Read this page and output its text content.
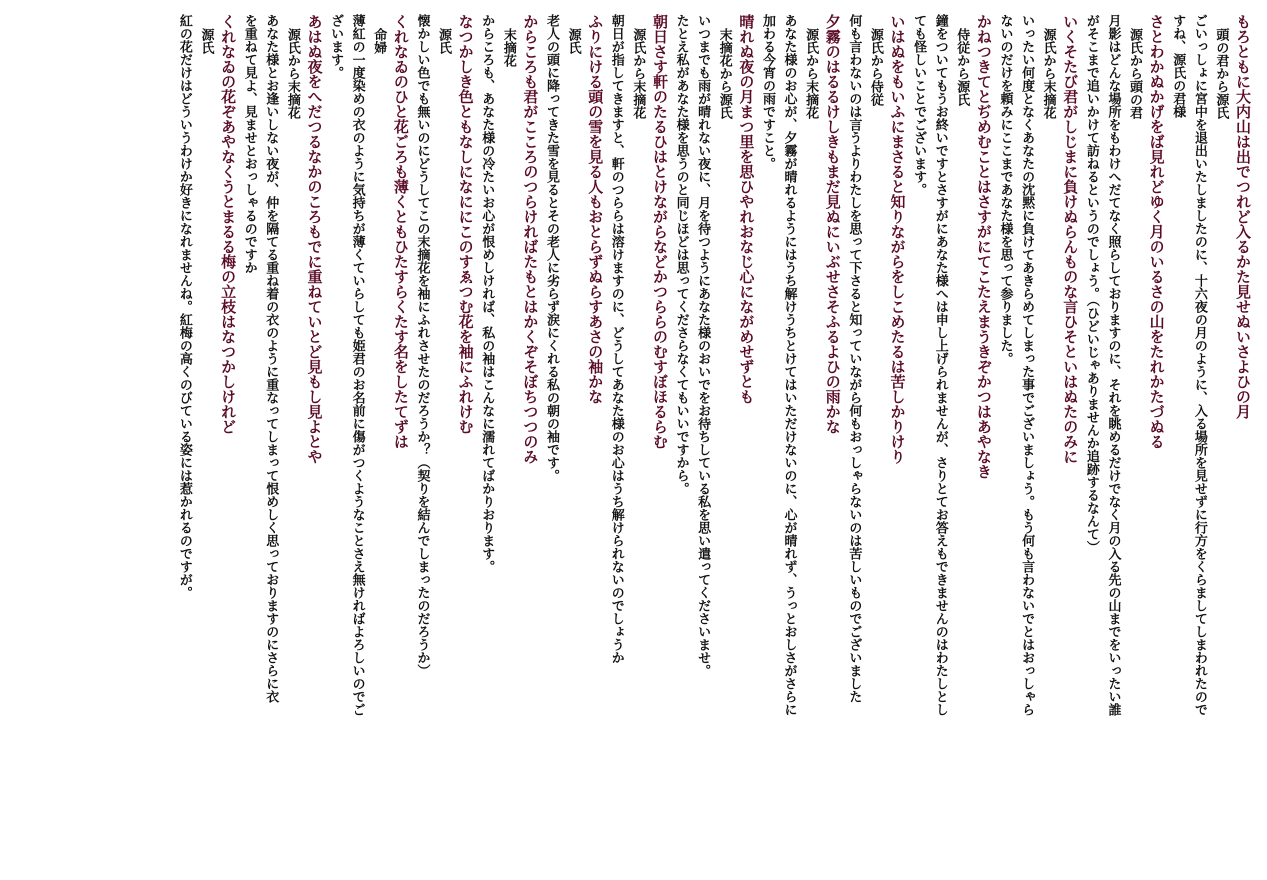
もろともに大内山は出でつれど入るかた見せぬいさよひの月

頭の君から源氏

ごいっしょに宮中を退出いたしましたのに、十六夜の月のように、入る場所を見せずに行方をくらましてしまわれたので

すね、源氏の君様

さとわかぬかげをば見れどゆく月のいるさの山をたれかたづぬる

源氏から頭の君

月影はどんな場所をもわけへだてなく照らしておりますのに、それを眺めるだけでなく月の入る先の山までをいったい誰

がそこまで追いかけて訪ねるというのでしょう。（ひどいじゃありませんか追跡するなんて）

いくそたび君がしじまに負けぬらんものな言ひそといはぬたのみに

源氏から末摘花

いったい何度となくあなたの沈黙に負けてあきらめてしまった事でございましょう。もう何も言わないでとはおっしゃら

ないのだけを頼みにここまであなた様を思って参りました。

かねつきてとぢめむことはさすがにてこたえまうきぞかつはあやなき

侍従から源氏

鐘をついてもうお終いですとさすがにあなた様へは申し上げられませんが、さりとてお答えもできませんのはわたしとし

ても怪しいことでございます。

いはぬをもいふにまさると知りながらをしこめたるは苦しかりけり

源氏から侍従

何も言わないのは言うよりわたしを思って下さると知っていながら何もおっしゃらないのは苦しいものでございました

夕霧のはるるけしきもまだ見ぬにいぶせさそふるよひの雨かな

源氏から末摘花

あなた様のお心が、夕霧が晴れるようにはうち解けうちとけてはいただけないのに、心が晴れず、うっとおしさがさらに

加わる今宵の雨ですこと。

晴れぬ夜の月まつ里を思ひやれおなじ心にながめせずとも

末摘花から源氏

いつまでも雨が晴れない夜に、月を待つようにあなた様のおいでをお待ちしている私を思い遣ってくださいませ。

たとえ私があなた様を思うのと同じほどは思ってくださらなくてもいいですから。

朝日さす軒のたるひはとけながらなどかつららのむすぼほるらむ

源氏から末摘花

朝日が指してきますと、軒のつららは溶けますのに、どうしてあなた様のお心はうち解けられないのでしょうか

ふりにける頭の雪を見る人もおとらずぬらすあさの袖かな

源氏

老人の頭に降ってきた雪を見るとその老人に劣らず涙にくれる私の朝の袖です。

からころも君がこころのつらければたもとはかくぞそぼちつつのみ

末摘花

からころも、あなた様の冷たいお心が恨めしければ、私の袖はこんなに濡れてばかりおります。

なつかしき色ともなしになににこのすゑつむ花を袖にふれけむ

源氏

懐かしい色でも無いのにどうしてこの末摘花を袖にふれさせたのだろうか？（契りを結んでしまったのだろうか）

くれなゐのひと花ごろも薄くともひたすらくたす名をしたてずは

命婦

薄紅の一度染めの衣のように気持ちが薄くていらしても姫君のお名前に傷がつくようなことさえ無ければよろしいのでご

ざいます。

あはぬ夜をへだつるなかのころもでに重ねていとど見もし見よとや

源氏から末摘花

あなた様とお逢いしない夜が、仲を隔てる重ね着の衣のように重なってしまって恨めしく思っておりますのにさらに衣

を重ねて見よ、見ませとおっしゃるのですか

くれなゐの花ぞあやなくうとまるる梅の立枝はなつかしけれど

源氏

紅の花だけはどういうわけか好きになれませんね。紅梅の高くのびている姿には惹かれるのですが。
